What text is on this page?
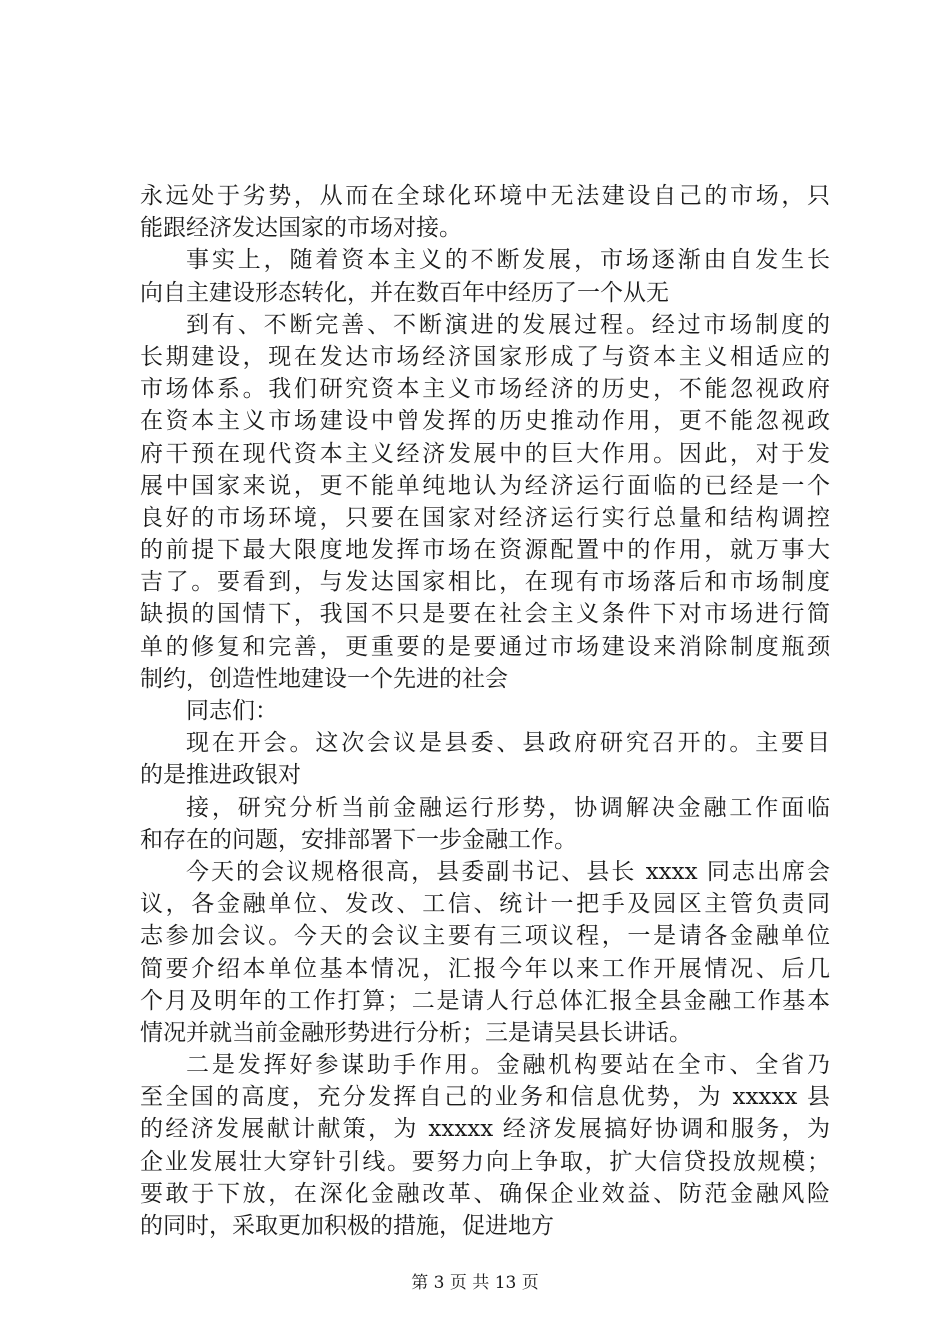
永远处于劣势，从而在全球化环境中无法建设自己的市场，只
能跟经济发达国家的市场对接。
事实上，随着资本主义的不断发展，市场逐渐由自发生长
向自主建设形态转化，并在数百年中经历了一个从无
到有、不断完善、不断演进的发展过程。经过市场制度的
长期建设，现在发达市场经济国家形成了与资本主义相适应的
市场体系。我们研究资本主义市场经济的历史，不能忽视政府
在资本主义市场建设中曾发挥的历史推动作用，更不能忽视政
府干预在现代资本主义经济发展中的巨大作用。因此，对于发
展中国家来说，更不能单纯地认为经济运行面临的已经是一个
良好的市场环境，只要在国家对经济运行实行总量和结构调控
的前提下最大限度地发挥市场在资源配置中的作用，就万事大
吉了。要看到，与发达国家相比，在现有市场落后和市场制度
缺损的国情下，我国不只是要在社会主义条件下对市场进行简
单的修复和完善，更重要的是要通过市场建设来消除制度瓶颈
制约，创造性地建设一个先进的社会
同志们：
现在开会。这次会议是县委、县政府研究召开的。主要目
的是推进政银对
接，研究分析当前金融运行形势，协调解决金融工作面临
和存在的问题，安排部署下一步金融工作。
今天的会议规格很高，县委副书记、县长 xxxx 同志出席会
议，各金融单位、发改、工信、统计一把手及园区主管负责同
志参加会议。今天的会议主要有三项议程，一是请各金融单位
简要介绍本单位基本情况，汇报今年以来工作开展情况、后几
个月及明年的工作打算；二是请人行总体汇报全县金融工作基本
情况并就当前金融形势进行分析；三是请吴县长讲话。
二是发挥好参谋助手作用。金融机构要站在全市、全省乃
至全国的高度，充分发挥自己的业务和信息优势，为 xxxxx 县
的经济发展献计献策，为 xxxxx 经济发展搞好协调和服务，为
企业发展壮大穿针引线。要努力向上争取，扩大信贷投放规模；
要敢于下放，在深化金融改革、确保企业效益、防范金融风险
的同时，采取更加积极的措施，促进地方
第 3 页 共 13 页
